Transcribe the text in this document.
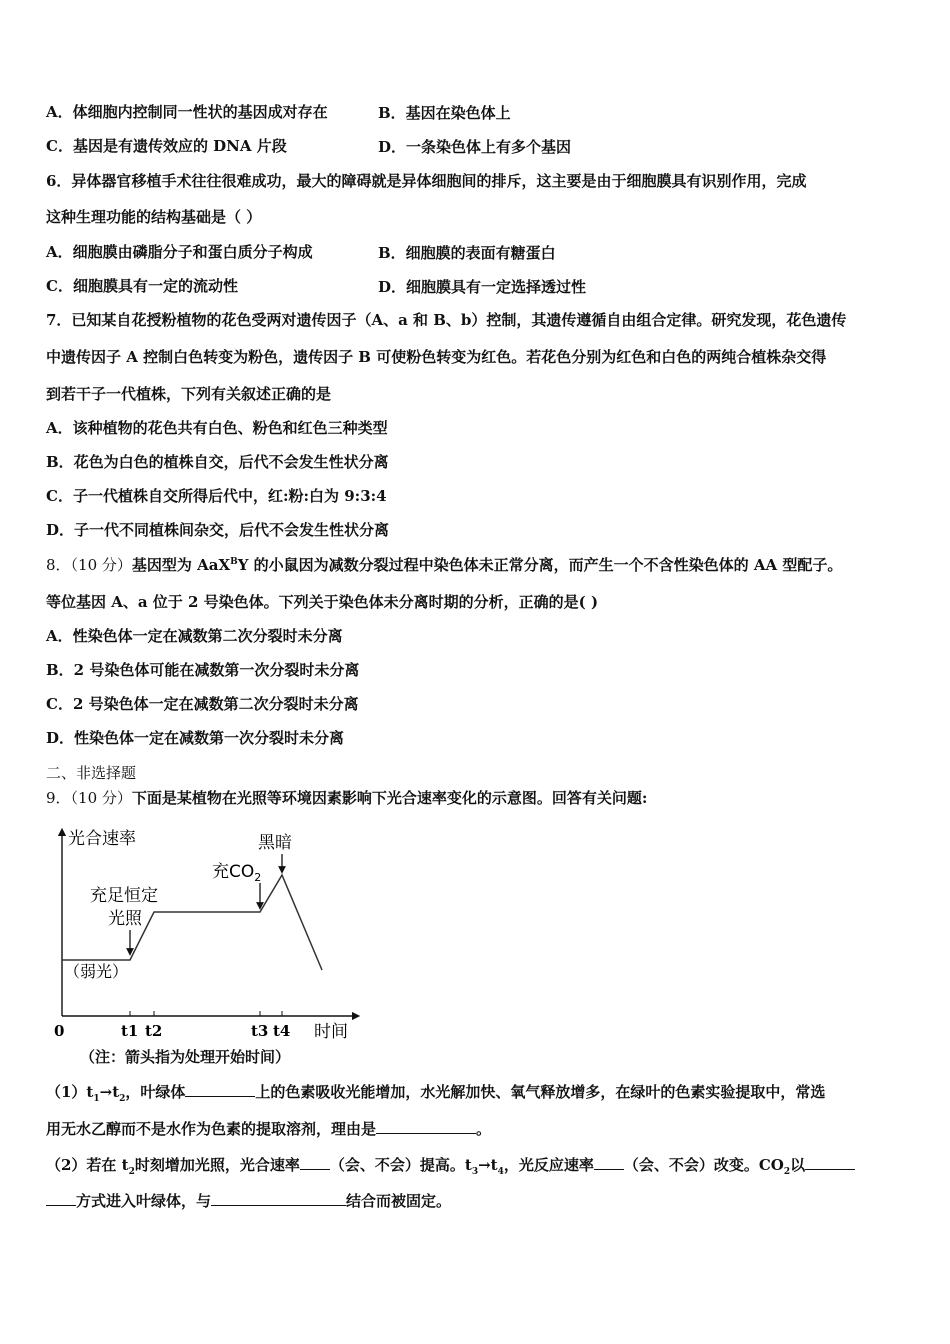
A．体细胞内控制同一性状的基因成对存在	B．基因在染色体上
C．基因是有遗传效应的 DNA 片段	D．一条染色体上有多个基因
6．异体器官移植手术往往很难成功，最大的障碍就是异体细胞间的排斥，这主要是由于细胞膜具有识别作用，完成
这种生理功能的结构基础是（ ）
A．细胞膜由磷脂分子和蛋白质分子构成	B．细胞膜的表面有糖蛋白
C．细胞膜具有一定的流动性	D．细胞膜具有一定选择透过性
7．已知某自花授粉植物的花色受两对遗传因子（A、a 和 B、b）控制，其遗传遵循自由组合定律。研究发现，花色遗传
中遗传因子 A 控制白色转变为粉色，遗传因子 B 可使粉色转变为红色。若花色分别为红色和白色的两纯合植株杂交得
到若干子一代植株，下列有关叙述正确的是
A．该种植物的花色共有白色、粉色和红色三种类型
B．花色为白色的植株自交，后代不会发生性状分离
C．子一代植株自交所得后代中，红:粉:白为 9:3:4
D．子一代不同植株间杂交，后代不会发生性状分离
8．（10 分）基因型为 AaX$^B$Y 的小鼠因为减数分裂过程中染色体未正常分离，而产生一个不含性染色体的 AA 型配子。
等位基因 A、a 位于 2 号染色体。下列关于染色体未分离时期的分析，正确的是( )
A．性染色体一定在减数第二次分裂时未分离
B．2 号染色体可能在减数第一次分裂时未分离
C．2 号染色体一定在减数第二次分裂时未分离
D．性染色体一定在减数第一次分裂时未分离
二、非选择题
9．（10 分）下面是某植物在光照等环境因素影响下光合速率变化的示意图。回答有关问题:
光合速率
时间
0	t1 t2	t3 t4
（弱光）
充足恒定
光照
充$CO_2$
黑暗
（注：箭头指为处理开始时间）
$(1)t_1\to t_2$，叶绿体	上的色素吸收光能增加，水光解加快、氧气释放增多，在绿叶的色素实验提取中，常选
用无水乙醇而不是水作为色素的提取溶剂，理由是	。
（2）若在 $t_2$时刻增加光照，光合速率 （会、不会）提高。$t_3\to t_4$，光反应速率 （会、不会）改变。$CO_2$以
方式进入叶绿体，与	结合而被固定。
